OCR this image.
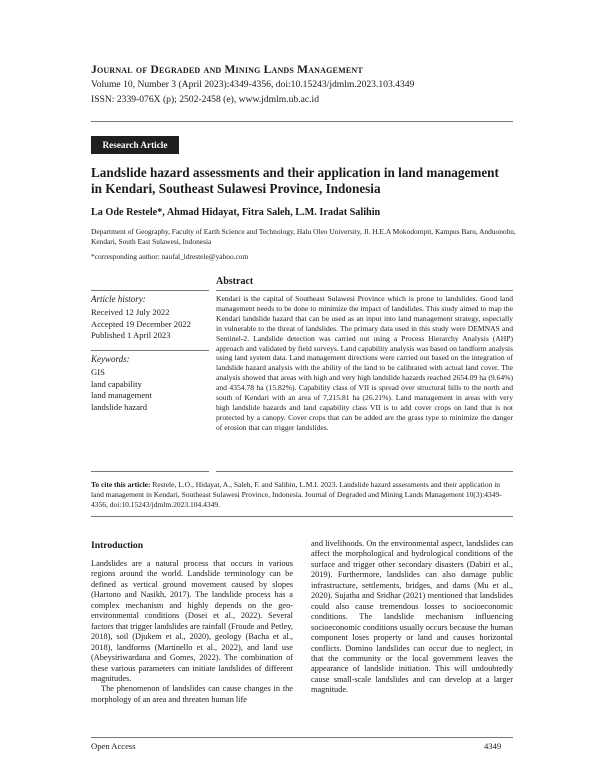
Journal of Degraded and Mining Lands Management
Volume 10, Number 3 (April 2023):4349-4356, doi:10.15243/jdmlm.2023.103.4349
ISSN: 2339-076X (p); 2502-2458 (e), www.jdmlm.ub.ac.id
Research Article
Landslide hazard assessments and their application in land management in Kendari, Southeast Sulawesi Province, Indonesia
La Ode Restele*, Ahmad Hidayat, Fitra Saleh, L.M. Iradat Salihin
Department of Geography, Faculty of Earth Science and Technology, Halu Oleo University, Jl. H.E.A Mokodompit, Kampus Baru, Anduonohu, Kendari, South East Sulawesi, Indonesia
*corresponding author: naufal_ldrestele@yahoo.com
Article history:
Received 12 July 2022
Accepted 19 December 2022
Published 1 April 2023
Keywords:
GIS
land capability
land management
landslide hazard
Abstract
Kendari is the capital of Southeast Sulawesi Province which is prone to landslides. Good land management needs to be done to minimize the impact of landslides. This study aimed to map the Kendari landslide hazard that can be used as an input into land management strategy, especially in vulnerable to the threat of landslides. The primary data used in this study were DEMNAS and Sentinel-2. Landslide detection was carried out using a Process Hierarchy Analysis (AHP) approach and validated by field surveys. Land capability analysis was based on landform analysis using land system data. Land management directions were carried out based on the integration of landslide hazard analysis with the ability of the land to be calibrated with actual land cover. The analysis showed that areas with high and very high landslide hazards reached 2654.09 ha (9.64%) and 4354.78 ha (15.82%). Capability class of VII is spread over structural hills to the north and south of Kendari with an area of 7,215.81 ha (26.21%). Land management in areas with very high landslide hazards and land capability class VII is to add cover crops on land that is not protected by a canopy. Cover crops that can be added are the grass type to minimize the danger of erosion that can trigger landslides.
To cite this article: Restele, L.O., Hidayat, A., Saleh, F. and Salihin, L.M.I. 2023. Landslide hazard assessments and their application in land management in Kendari, Southeast Sulawesi Province, Indonesia. Journal of Degraded and Mining Lands Management 10(3):4349-4356, doi:10.15243/jdmlm.2023.104.4349.
Introduction

Landslides are a natural process that occurs in various regions around the world. Landslide terminology can be defined as vertical ground movement caused by slopes (Hartono and Nasikh, 2017). The landslide process has a complex mechanism and highly depends on the geo-environmental conditions (Dosei et al., 2022). Several factors that trigger landslides are rainfall (Froude and Petley, 2018), soil (Djukem et al., 2020), geology (Bacha et al., 2018), landforms (Martinello et al., 2022), and land use (Abeysiriwardana and Gomes, 2022). The combination of these various parameters can initiate landslides of different magnitudes.

The phenomenon of landslides can cause changes in the morphology of an area and threaten human life

and livelihoods. On the environmental aspect, landslides can affect the morphological and hydrological conditions of the surface and trigger other secondary disasters (Dabiri et al., 2019). Furthermore, landslides can also damage public infrastructure, settlements, bridges, and dams (Mu et al., 2020). Sujatha and Sridhar (2021) mentioned that landslides could also cause tremendous losses to socioeconomic conditions. The landslide mechanism influencing socioeconomic conditions usually occurs because the human component loses property or land and causes horizontal conflicts. Domino landslides can occur due to neglect, in that the community or the local government leaves the appearance of landslide initiation. This will undoubtedly cause small-scale landslides and can develop at a larger magnitude.

Open Access	4349
